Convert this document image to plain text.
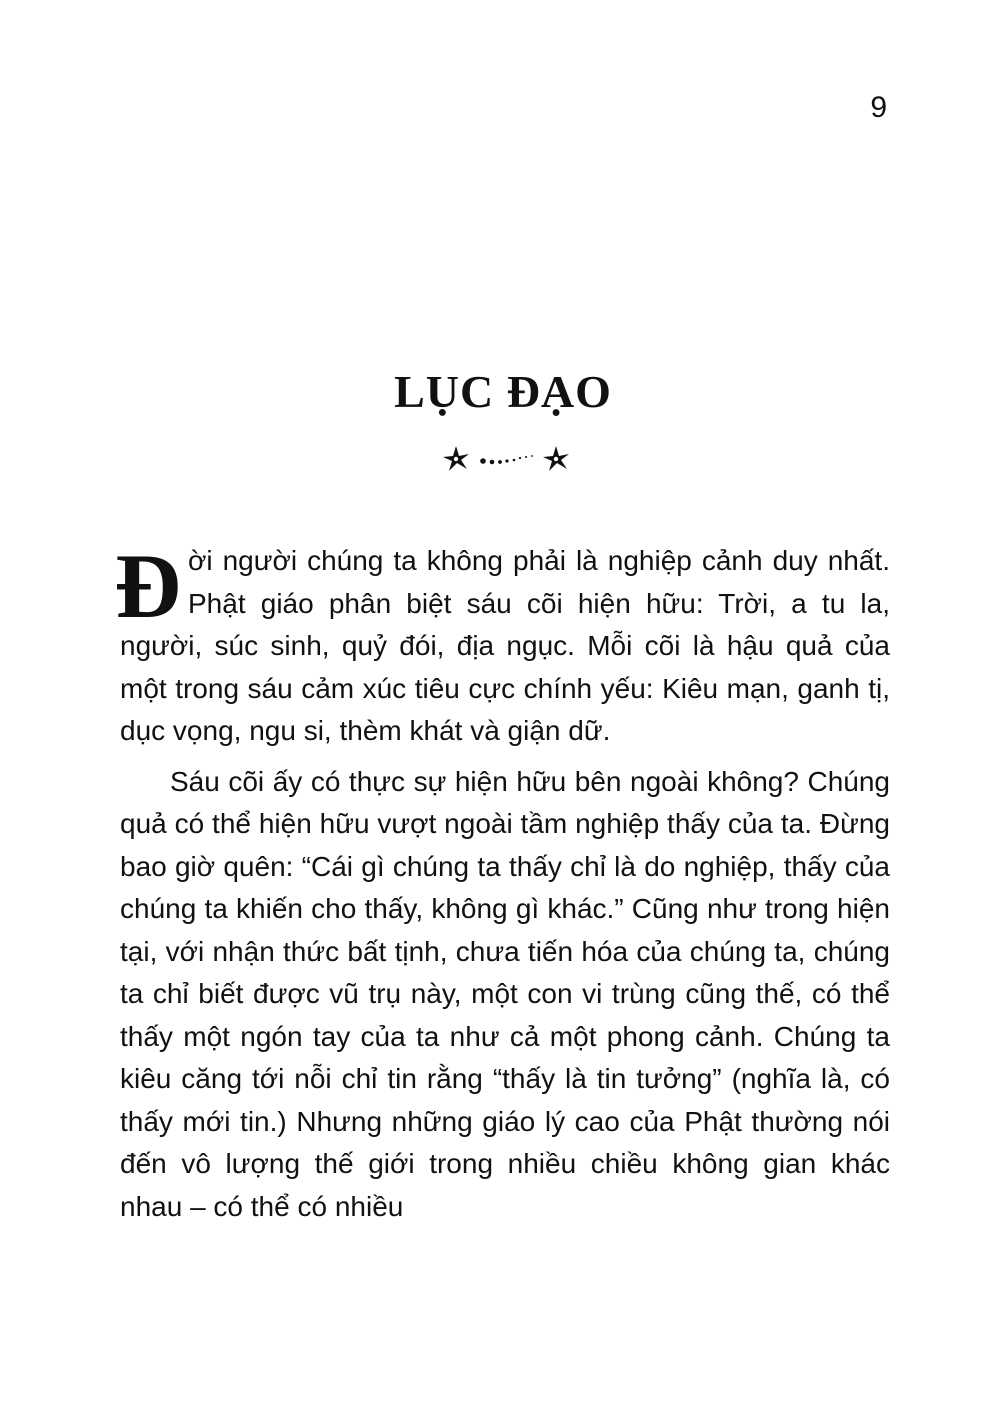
9
LỤC ĐẠO

Đời người chúng ta không phải là nghiệp cảnh duy nhất. Phật giáo phân biệt sáu cõi hiện hữu: Trời, a tu la, người, súc sinh, quỷ đói, địa ngục. Mỗi cõi là hậu quả của một trong sáu cảm xúc tiêu cực chính yếu: Kiêu mạn, ganh tị, dục vọng, ngu si, thèm khát và giận dữ.

Sáu cõi ấy có thực sự hiện hữu bên ngoài không? Chúng quả có thể hiện hữu vượt ngoài tầm nghiệp thấy của ta. Đừng bao giờ quên: “Cái gì chúng ta thấy chỉ là do nghiệp, thấy của chúng ta khiến cho thấy, không gì khác.” Cũng như trong hiện tại, với nhận thức bất tịnh, chưa tiến hóa của chúng ta, chúng ta chỉ biết được vũ trụ này, một con vi trùng cũng thế, có thể thấy một ngón tay của ta như cả một phong cảnh. Chúng ta kiêu căng tới nỗi chỉ tin rằng “thấy là tin tưởng” (nghĩa là, có thấy mới tin.) Nhưng những giáo lý cao của Phật thường nói đến vô lượng thế giới trong nhiều chiều không gian khác nhau – có thể có nhiều
